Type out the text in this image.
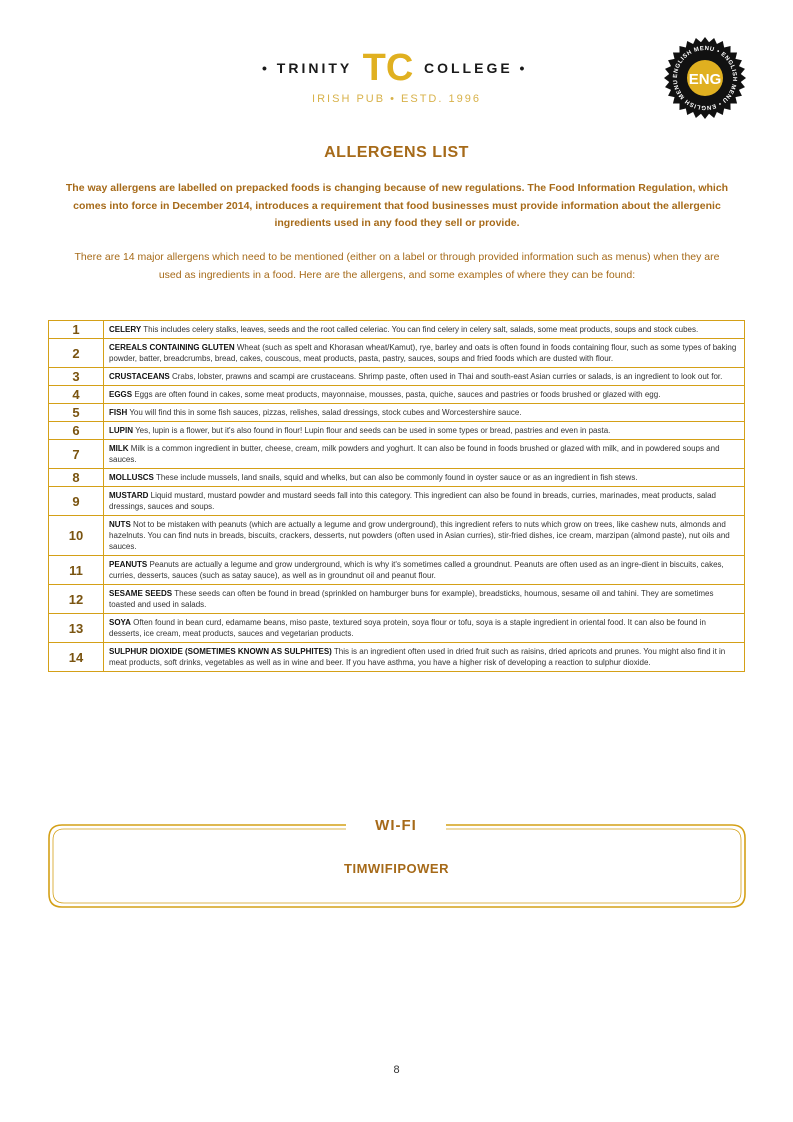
• TRINITY TC COLLEGE •
IRISH PUB • ESTD. 1996
ENGLISH MENU • ENGLISH MENU • ENGLISH MENU ENG
ALLERGENS LIST
The way allergens are labelled on prepacked foods is changing because of new regulations. The Food Information Regulation, which comes into force in December 2014, introduces a requirement that food businesses must provide information about the allergenic ingredients used in any food they sell or provide.
There are 14 major allergens which need to be mentioned (either on a label or through provided information such as menus) when they are used as ingredients in a food. Here are the allergens, and some examples of where they can be found:
1	CELERY This includes celery stalks, leaves, seeds and the root called celeriac. You can find celery in celery salt, salads, some meat products, soups and stock cubes.
2	CEREALS CONTAINING GLUTEN Wheat (such as spelt and Khorasan wheat/Kamut), rye, barley and oats is often found in foods containing flour, such as some types of baking powder, batter, breadcrumbs, bread, cakes, couscous, meat products, pasta, pastry, sauces, soups and fried foods which are dusted with flour.
3	CRUSTACEANS Crabs, lobster, prawns and scampi are crustaceans. Shrimp paste, often used in Thai and south-east Asian curries or salads, is an ingredient to look out for.
4	EGGS Eggs are often found in cakes, some meat products, mayonnaise, mousses, pasta, quiche, sauces and pastries or foods brushed or glazed with egg.
5	FISH You will find this in some fish sauces, pizzas, relishes, salad dressings, stock cubes and Worcestershire sauce.
6	LUPIN Yes, lupin is a flower, but it's also found in flour! Lupin flour and seeds can be used in some types or bread, pastries and even in pasta.
7	MILK Milk is a common ingredient in butter, cheese, cream, milk powders and yoghurt. It can also be found in foods brushed or glazed with milk, and in powdered soups and sauces.
8	MOLLUSCS These include mussels, land snails, squid and whelks, but can also be commonly found in oyster sauce or as an ingredient in fish stews.
9	MUSTARD Liquid mustard, mustard powder and mustard seeds fall into this category. This ingredient can also be found in breads, curries, marinades, meat products, salad dressings, sauces and soups.
10	NUTS Not to be mistaken with peanuts (which are actually a legume and grow underground), this ingredient refers to nuts which grow on trees, like cashew nuts, almonds and hazelnuts. You can find nuts in breads, biscuits, crackers, desserts, nut powders (often used in Asian curries), stir-fried dishes, ice cream, marzipan (almond paste), nut oils and sauces.
11	PEANUTS Peanuts are actually a legume and grow underground, which is why it's sometimes called a groundnut. Peanuts are often used as an ingre-dient in biscuits, cakes, curries, desserts, sauces (such as satay sauce), as well as in groundnut oil and peanut flour.
12	SESAME SEEDS These seeds can often be found in bread (sprinkled on hamburger buns for example), breadsticks, houmous, sesame oil and tahini. They are sometimes toasted and used in salads.
13	SOYA Often found in bean curd, edamame beans, miso paste, textured soya protein, soya flour or tofu, soya is a staple ingredient in oriental food. It can also be found in desserts, ice cream, meat products, sauces and vegetarian products.
14	SULPHUR DIOXIDE (SOMETIMES KNOWN AS SULPHITES) This is an ingredient often used in dried fruit such as raisins, dried apricots and prunes. You might also find it in meat products, soft drinks, vegetables as well as in wine and beer. If you have asthma, you have a higher risk of developing a reaction to sulphur dioxide.
WI-FI
TIMWIFIPOWER
8
